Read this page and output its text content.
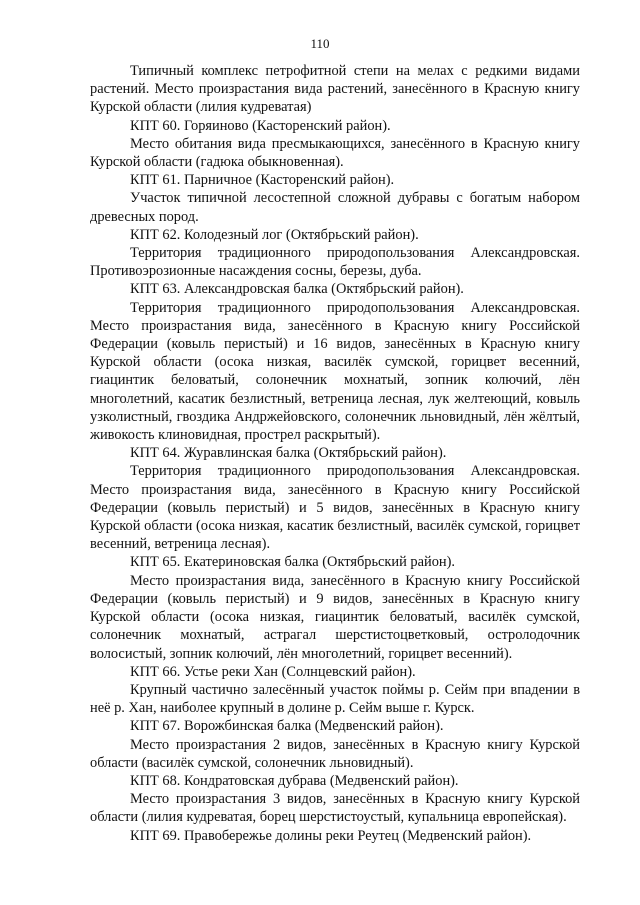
110

Типичный комплекс петрофитной степи на мелах с редкими видами растений. Место произрастания вида растений, занесённого в Красную книгу Курской области (лилия кудреватая)

КПТ 60. Горяиново (Касторенский район).

Место обитания вида пресмыкающихся, занесённого в Красную книгу Курской области (гадюка обыкновенная).

КПТ 61. Парничное (Касторенский район).

Участок типичной лесостепной сложной дубравы с богатым набором древесных пород.

КПТ 62. Колодезный лог (Октябрьский район).

Территория традиционного природопользования Александровская. Противоэрозионные насаждения сосны, березы, дуба.

КПТ 63. Александровская балка (Октябрьский район).

Территория традиционного природопользования Александровская. Место произрастания вида, занесённого в Красную книгу Российской Федерации (ковыль перистый) и 16 видов, занесённых в Красную книгу Курской области (осока низкая, василёк сумской, горицвет весенний, гиацинтик беловатый, солонечник мохнатый, зопник колючий, лён многолетний, касатик безлистный, ветреница лесная, лук желтеющий, ковыль узколистный, гвоздика Андржейовского, солонечник льновидный, лён жёлтый, живокость клиновидная, прострел раскрытый).

КПТ 64. Журавлинская балка (Октябрьский район).

Территория традиционного природопользования Александровская. Место произрастания вида, занесённого в Красную книгу Российской Федерации (ковыль перистый) и 5 видов, занесённых в Красную книгу Курской области (осока низкая, касатик безлистный, василёк сумской, горицвет весенний, ветреница лесная).

КПТ 65. Екатериновская балка (Октябрьский район).

Место произрастания вида, занесённого в Красную книгу Российской Федерации (ковыль перистый) и 9 видов, занесённых в Красную книгу Курской области (осока низкая, гиацинтик беловатый, василёк сумской, солонечник мохнатый, астрагал шерстистоцветковый, остролодочник волосистый, зопник колючий, лён многолетний, горицвет весенний).

КПТ 66. Устье реки Хан (Солнцевский район).

Крупный частично залесённый участок поймы р. Сейм при впадении в неё р. Хан, наиболее крупный в долине р. Сейм выше г. Курск.

КПТ 67. Ворожбинская балка (Медвенский район).

Место произрастания 2 видов, занесённых в Красную книгу Курской области (василёк сумской, солонечник льновидный).

КПТ 68. Кондратовская дубрава (Медвенский район).

Место произрастания 3 видов, занесённых в Красную книгу Курской области (лилия кудреватая, борец шерстистоустый, купальница европейская).

КПТ 69. Правобережье долины реки Реутец (Медвенский район).
